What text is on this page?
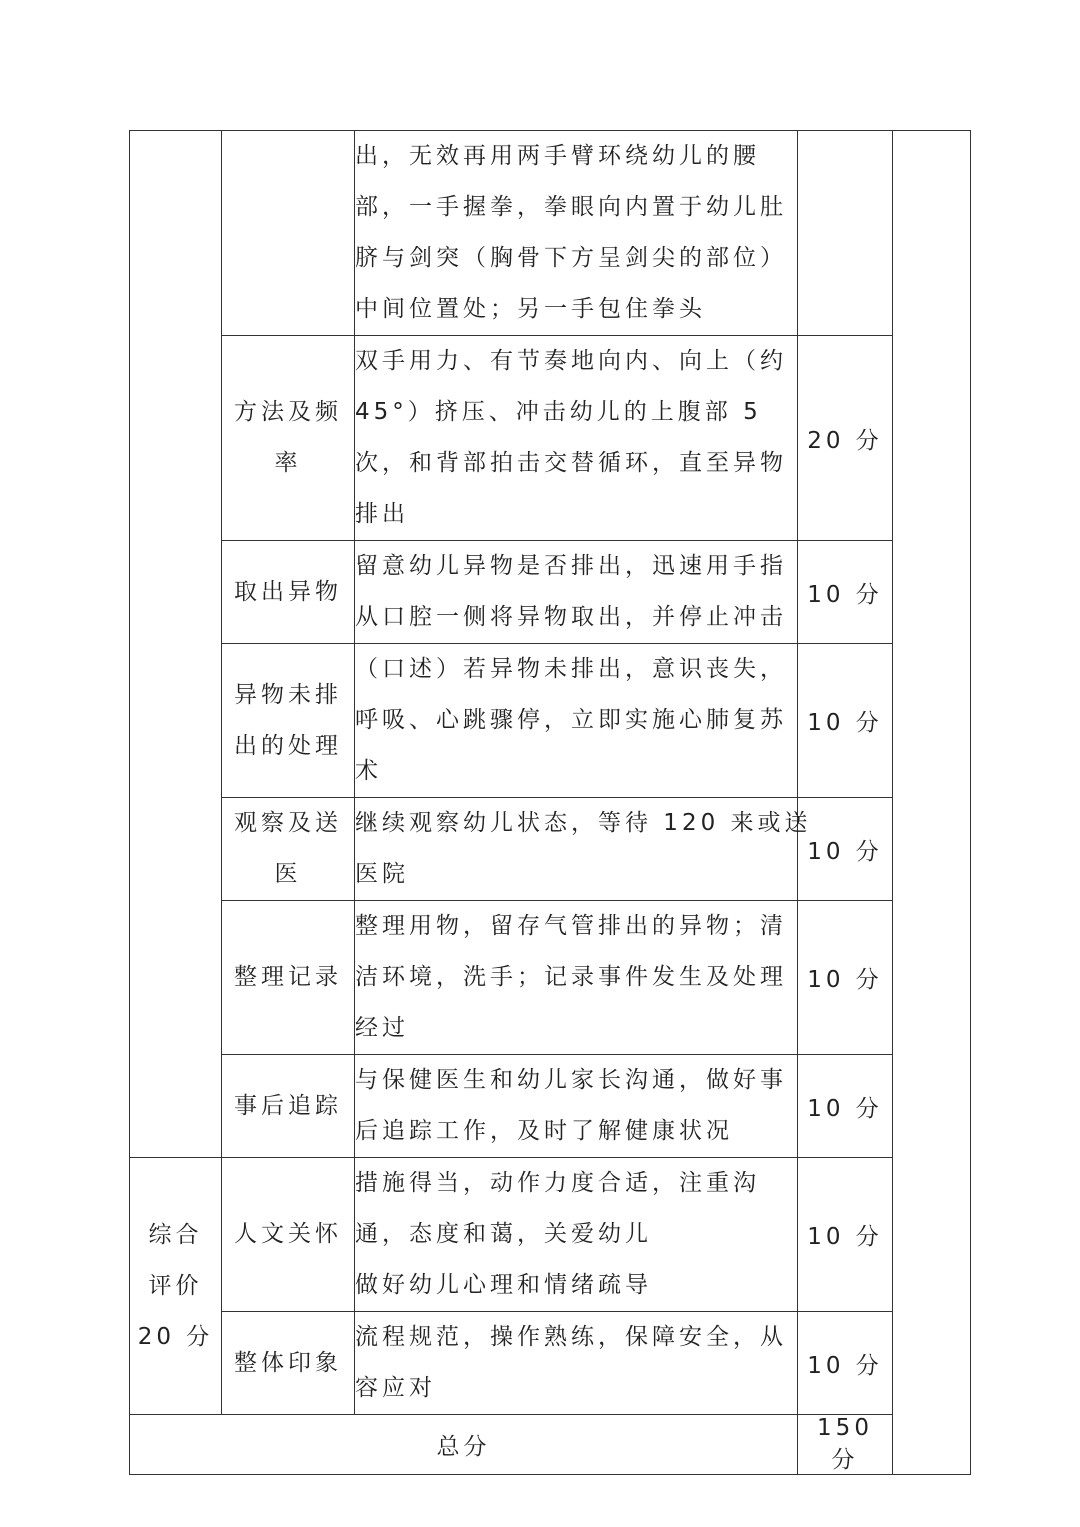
		出，无效再用两手臂环绕幼儿的腰
部，一手握拳，拳眼向内置于幼儿肚
脐与剑突（胸骨下方呈剑尖的部位）
中间位置处；另一手包住拳头		

	方法及频
率	双手用力、有节奏地向内、向上（约
45°）挤压、冲击幼儿的上腹部 5
次，和背部拍击交替循环，直至异物
排出	20 分	

	取出异物	留意幼儿异物是否排出，迅速用手指
从口腔一侧将异物取出，并停止冲击	10 分	

	异物未排
出的处理	（口述）若异物未排出，意识丧失，
呼吸、心跳骤停，立即实施心肺复苏
术	10 分	

	观察及送
医	继续观察幼儿状态，等待 120 来或送
医院	10 分	

	整理记录	整理用物，留存气管排出的异物；清
洁环境，洗手；记录事件发生及处理
经过	10 分	

	事后追踪	与保健医生和幼儿家长沟通，做好事
后追踪工作，及时了解健康状况	10 分	

综合
评价
20 分	人文关怀	措施得当，动作力度合适，注重沟
通，态度和蔼，关爱幼儿
做好幼儿心理和情绪疏导	10 分	

	整体印象	流程规范，操作熟练，保障安全，从
容应对	10 分	
总分			150 分	
